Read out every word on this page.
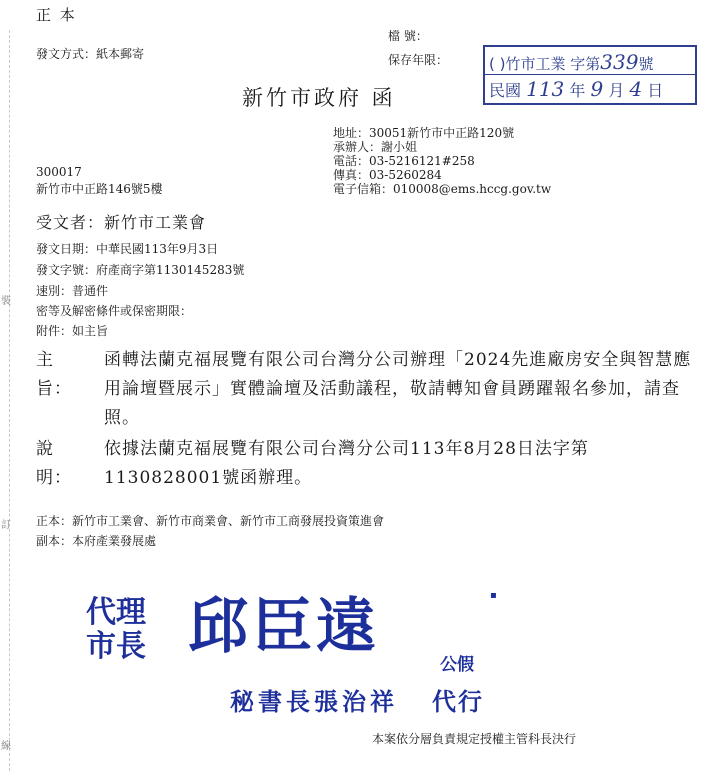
裝
訂
線
正 本
發文方式：紙本郵寄
檔 號：
保存年限：	( )竹市工業 字第339號
民國 113 年 9 月 4 日
新竹市政府 函
地址：30051新竹市中正路120號
承辦人：謝小姐
電話：03-5216121#258
傳真：03-5260284
電子信箱：010008@ems.hccg.gov.tw
300017
新竹市中正路146號5樓
受文者：新竹市工業會
發文日期：中華民國113年9月3日
發文字號：府產商字第1130145283號
速別：普通件
密等及解密條件或保密期限：
附件：如主旨
主旨：
函轉法蘭克福展覽有限公司台灣分公司辦理「2024先進廠房安全與智慧應用論壇暨展示」實體論壇及活動議程，敬請轉知會員踴躍報名參加，請查照。
說明：
依據法蘭克福展覽有限公司台灣分公司113年8月28日法字第1130828001號函辦理。
正本：新竹市工業會、新竹市商業會、新竹市工商發展投資策進會
副本：本府產業發展處
代理
市長 邱臣遠
公假
秘書長張治祥 代行
▪
本案依分層負責規定授權主管科長決行
